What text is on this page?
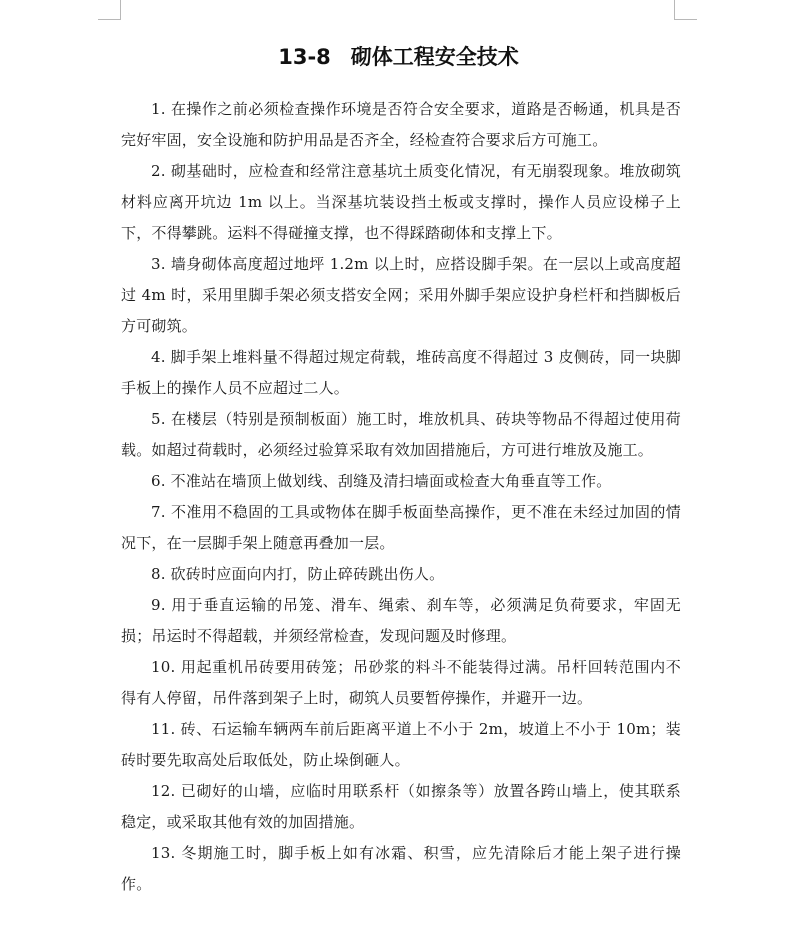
13-8 砌体工程安全技术

1. 在操作之前必须检查操作环境是否符合安全要求，道路是否畅通，机具是否完好牢固，安全设施和防护用品是否齐全，经检查符合要求后方可施工。

2. 砌基础时，应检查和经常注意基坑土质变化情况，有无崩裂现象。堆放砌筑材料应离开坑边 1m 以上。当深基坑装设挡土板或支撑时，操作人员应设梯子上下，不得攀跳。运料不得碰撞支撑，也不得踩踏砌体和支撑上下。

3. 墙身砌体高度超过地坪 1.2m 以上时，应搭设脚手架。在一层以上或高度超过 4m 时，采用里脚手架必须支搭安全网；采用外脚手架应设护身栏杆和挡脚板后方可砌筑。

4. 脚手架上堆料量不得超过规定荷载，堆砖高度不得超过 3 皮侧砖，同一块脚手板上的操作人员不应超过二人。

5. 在楼层（特别是预制板面）施工时，堆放机具、砖块等物品不得超过使用荷载。如超过荷载时，必须经过验算采取有效加固措施后，方可进行堆放及施工。

6. 不准站在墙顶上做划线、刮缝及清扫墙面或检查大角垂直等工作。

7. 不准用不稳固的工具或物体在脚手板面垫高操作，更不准在未经过加固的情况下，在一层脚手架上随意再叠加一层。

8. 砍砖时应面向内打，防止碎砖跳出伤人。

9. 用于垂直运输的吊笼、滑车、绳索、刹车等，必须满足负荷要求，牢固无损；吊运时不得超载，并须经常检查，发现问题及时修理。

10. 用起重机吊砖要用砖笼；吊砂浆的料斗不能装得过满。吊杆回转范围内不得有人停留，吊件落到架子上时，砌筑人员要暂停操作，并避开一边。

11. 砖、石运输车辆两车前后距离平道上不小于 2m，坡道上不小于 10m；装砖时要先取高处后取低处，防止垛倒砸人。

12. 已砌好的山墙，应临时用联系杆（如擦条等）放置各跨山墙上，使其联系稳定，或采取其他有效的加固措施。

13. 冬期施工时，脚手板上如有冰霜、积雪，应先清除后才能上架子进行操作。
